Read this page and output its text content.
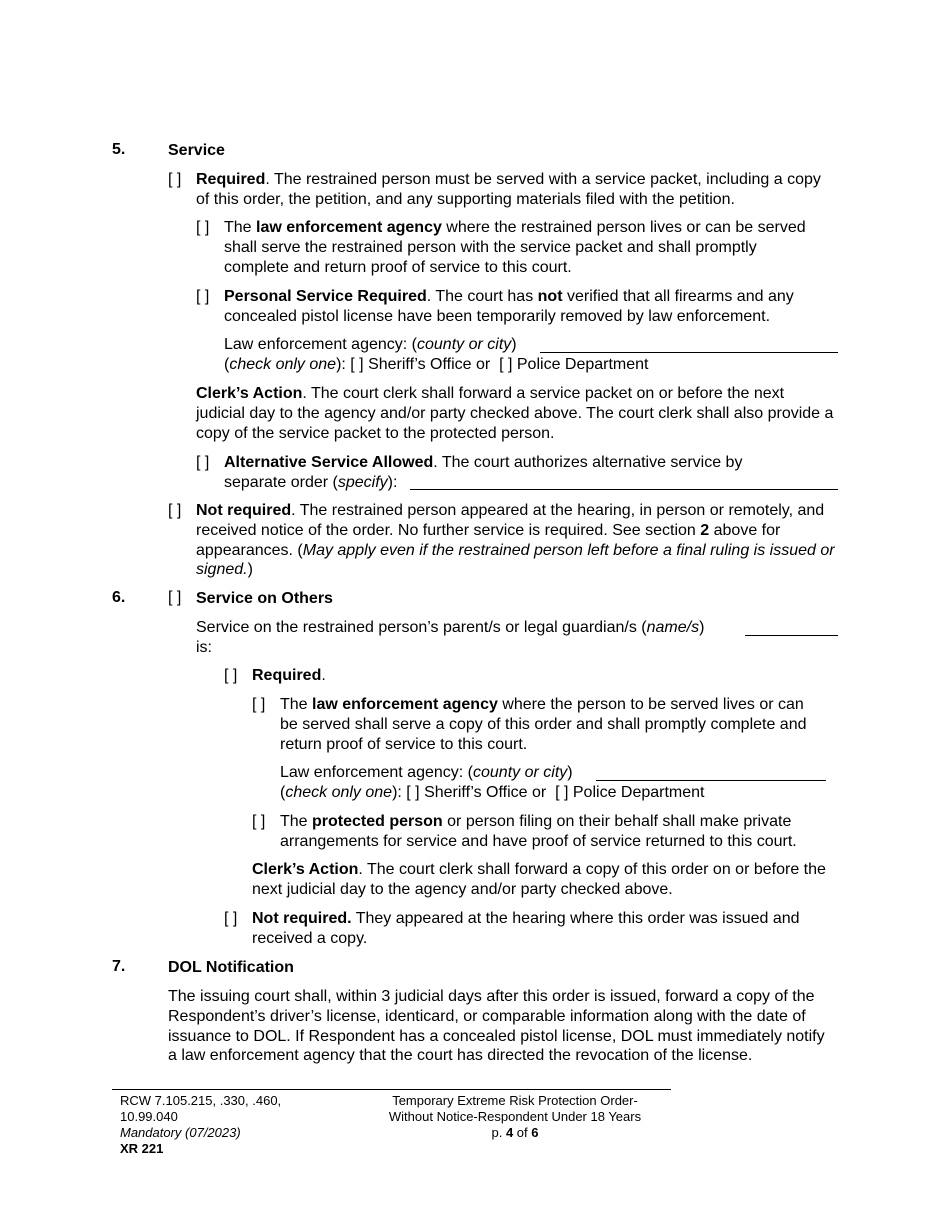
5.	Service
[ ] Required. The restrained person must be served with a service packet, including a copy of this order, the petition, and any supporting materials filed with the petition.
[ ] The law enforcement agency where the restrained person lives or can be served shall serve the restrained person with the service packet and shall promptly complete and return proof of service to this court.
[ ] Personal Service Required. The court has not verified that all firearms and any concealed pistol license have been temporarily removed by law enforcement.
Law enforcement agency: (county or city)
(check only one): [ ] Sheriff’s Office or  [ ] Police Department
Clerk’s Action. The court clerk shall forward a service packet on or before the next judicial day to the agency and/or party checked above. The court clerk shall also provide a copy of the service packet to the protected person.
[ ] Alternative Service Allowed. The court authorizes alternative service by separate order (specify):
[ ] Not required. The restrained person appeared at the hearing, in person or remotely, and received notice of the order. No further service is required. See section 2 above for appearances. (May apply even if the restrained person left before a final ruling is issued or signed.)
6.	[ ] Service on Others
Service on the restrained person’s parent/s or legal guardian/s (name/s)
is:
[ ] Required.
[ ] The law enforcement agency where the person to be served lives or can be served shall serve a copy of this order and shall promptly complete and return proof of service to this court.
Law enforcement agency: (county or city)
(check only one): [ ] Sheriff’s Office or  [ ] Police Department
[ ] The protected person or person filing on their behalf shall make private arrangements for service and have proof of service returned to this court.
Clerk’s Action. The court clerk shall forward a copy of this order on or before the next judicial day to the agency and/or party checked above.
[ ] Not required. They appeared at the hearing where this order was issued and received a copy.
7.	DOL Notification
The issuing court shall, within 3 judicial days after this order is issued, forward a copy of the Respondent’s driver’s license, identicard, or comparable information along with the date of issuance to DOL. If Respondent has a concealed pistol license, DOL must immediately notify a law enforcement agency that the court has directed the revocation of the license.
RCW 7.105.215, .330, .460,
10.99.040
Mandatory (07/2023)
XR 221
Temporary Extreme Risk Protection Order-
Without Notice-Respondent Under 18 Years
p. 4 of 6
